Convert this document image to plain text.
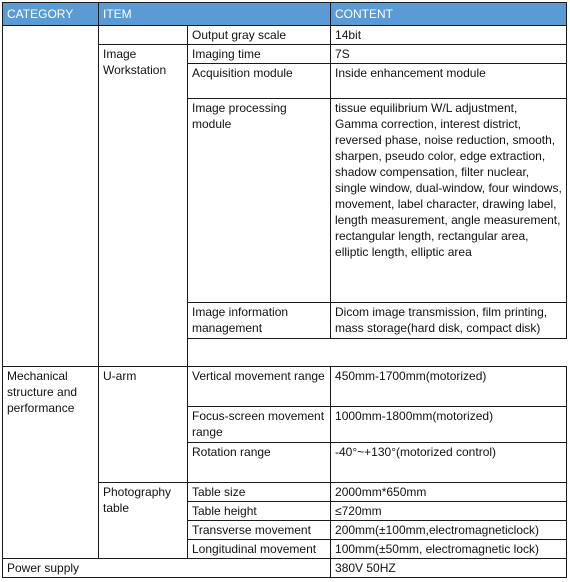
CATEGORY	ITEM		CONTENT
		Output gray scale	14bit
	Image Workstation	Imaging time	7S
		Acquisition module	Inside enhancement module
		Image processing module	tissue equilibrium W/L adjustment, Gamma correction, interest district, reversed phase, noise reduction, smooth, sharpen, pseudo color, edge extraction, shadow compensation, filter nuclear, single window, dual-window, four windows, movement, label character, drawing label, length measurement, angle measurement, rectangular length, rectangular area, elliptic length, elliptic area
		Image information management	Dicom image transmission, film printing, mass storage(hard disk, compact disk)

Mechanical structure and performance	U-arm	Vertical movement range	450mm-1700mm(motorized)
		Focus-screen movement range	1000mm-1800mm(motorized)
		Rotation range	-40°~+130°(motorized control)
	Photography table	Table size	2000mm*650mm
		Table height	≤720mm
		Transverse movement	200mm(±100mm,electromagneticlock)
		Longitudinal movement	100mm(±50mm, electromagnetic lock)
Power supply			380V 50HZ
